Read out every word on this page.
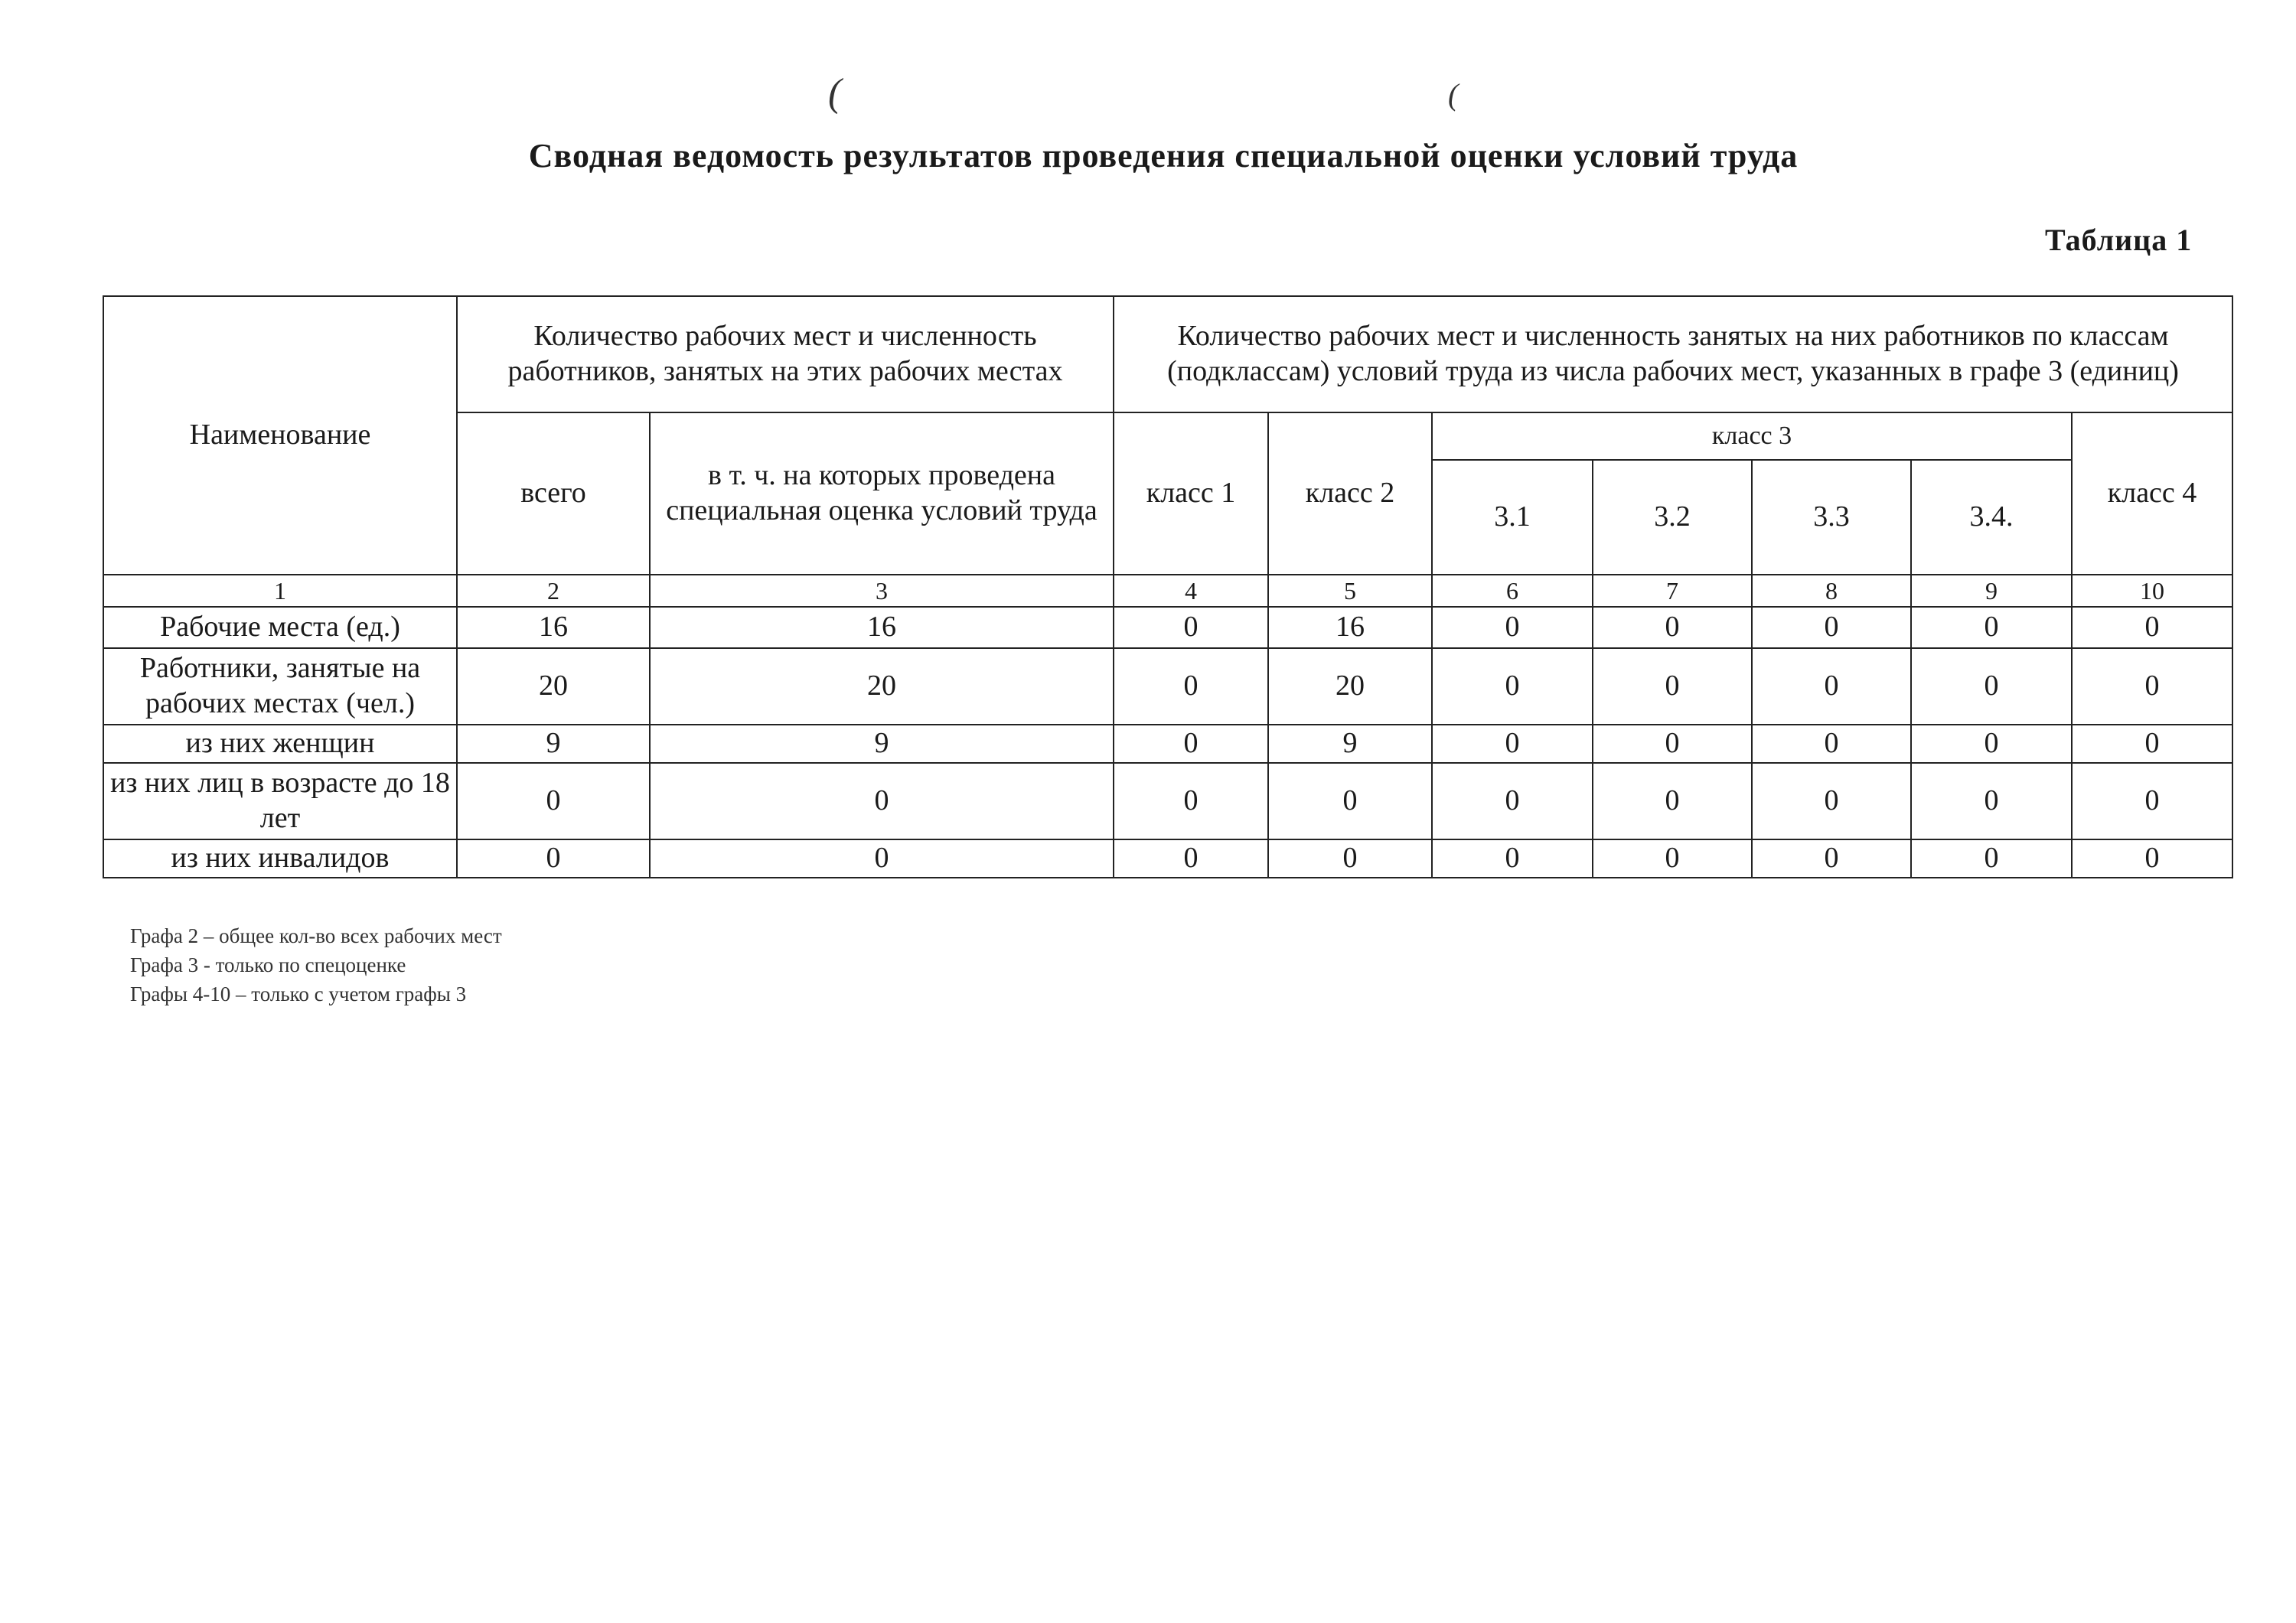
(	(
Сводная ведомость результатов проведения специальной оценки условий труда
Таблица 1
Наименование	Количество рабочих мест и численность работников, занятых на этих рабочих местах		Количество рабочих мест и численность занятых на них работников по классам (подклассам) условий труда из числа рабочих мест, указанных в графе 3 (единиц)						
	всего	в т. ч. на которых проведена специальная оценка условий труда	класс 1	класс 2	класс 3				класс 4
					3.1	3.2	3.3	3.4.	
1	2	3	4	5	6	7	8	9	10
Рабочие места (ед.)	16	16	0	16	0	0	0	0	0
Работники, занятые на рабочих местах (чел.)	20	20	0	20	0	0	0	0	0
из них женщин	9	9	0	9	0	0	0	0	0
из них лиц в возрасте до 18 лет	0	0	0	0	0	0	0	0	0
из них инвалидов	0	0	0	0	0	0	0	0	0
Графа 2 – общее кол-во всех рабочих мест
Графа 3 - только по спецоценке
Графы 4-10 – только с учетом графы 3
